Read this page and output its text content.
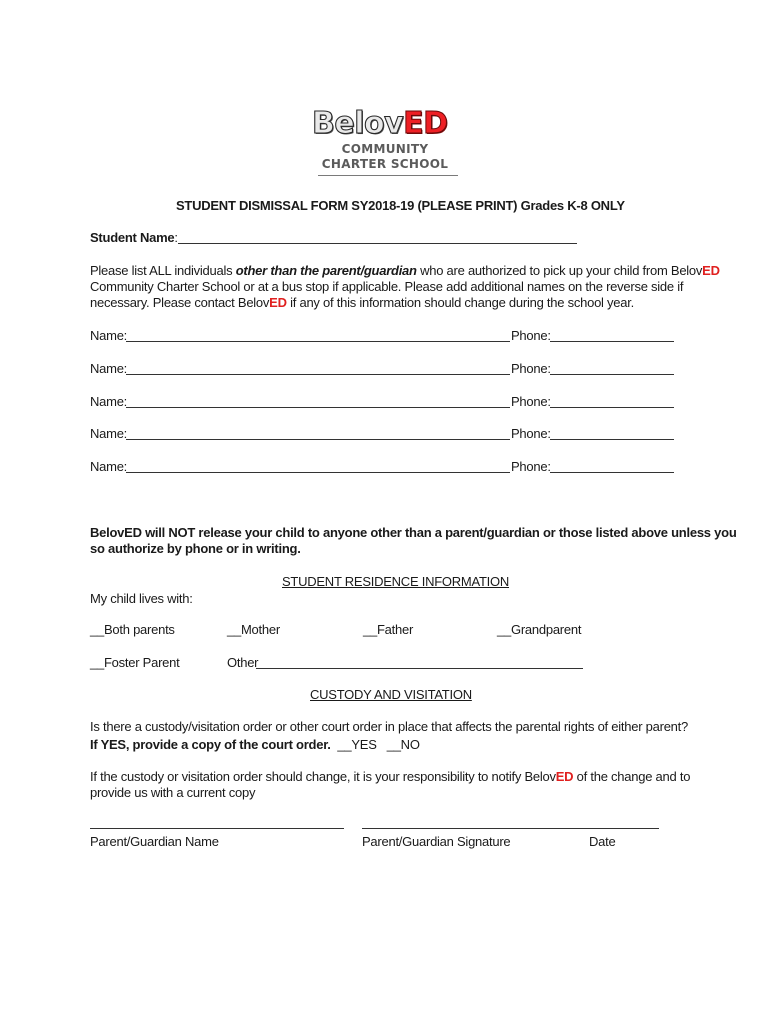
BelovED
COMMUNITY
CHARTER SCHOOL
STUDENT DISMISSAL FORM SY2018-19 (PLEASE PRINT) Grades K-8 ONLY
Student Name:
Please list ALL individuals other than the parent/guardian who are authorized to pick up your child from BelovED
Community Charter School or at a bus stop if applicable. Please add additional names on the reverse side if
necessary. Please contact BelovED if any of this information should change during the school year.
Name:	Phone:
Name:	Phone:
Name:	Phone:
Name:	Phone:
Name:	Phone:
BelovED will NOT release your child to anyone other than a parent/guardian or those listed above unless you
so authorize by phone or in writing.
STUDENT RESIDENCE INFORMATION
My child lives with:
__Both parents	__Mother	__Father	__Grandparent
__Foster Parent	Other
CUSTODY AND VISITATION
Is there a custody/visitation order or other court order in place that affects the parental rights of either parent?
If YES, provide a copy of the court order. __YES __NO
If the custody or visitation order should change, it is your responsibility to notify BelovED of the change and to
provide us with a current copy
Parent/Guardian Name	Parent/Guardian Signature	Date
